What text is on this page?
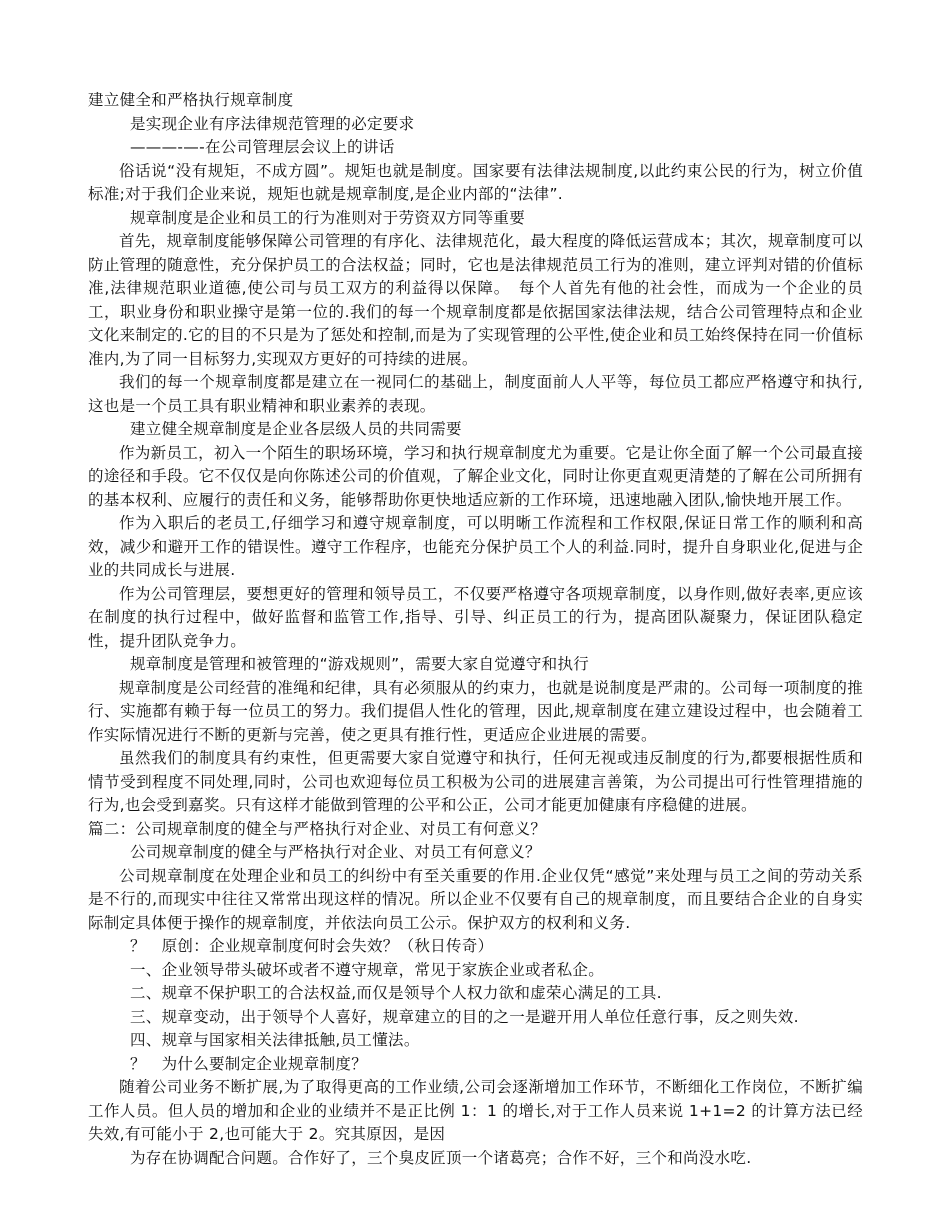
建立健全和严格执行规章制度
是实现企业有序法律规范管理的必定要求
———-—-在公司管理层会议上的讲话
俗话说“没有规矩，不成方圆”。规矩也就是制度。国家要有法律法规制度,以此约束公民的行为，树立价值标准;对于我们企业来说，规矩也就是规章制度,是企业内部的“法律”.
规章制度是企业和员工的行为准则对于劳资双方同等重要
首先，规章制度能够保障公司管理的有序化、法律规范化，最大程度的降低运营成本；其次，规章制度可以防止管理的随意性，充分保护员工的合法权益；同时，它也是法律规范员工行为的准则，建立评判对错的价值标准,法律规范职业道德,使公司与员工双方的利益得以保障。　每个人首先有他的社会性，而成为一个企业的员工，职业身份和职业操守是第一位的.我们的每一个规章制度都是依据国家法律法规，结合公司管理特点和企业文化来制定的.它的目的不只是为了惩处和控制,而是为了实现管理的公平性,使企业和员工始终保持在同一价值标准内,为了同一目标努力,实现双方更好的可持续的进展。
我们的每一个规章制度都是建立在一视同仁的基础上，制度面前人人平等，每位员工都应严格遵守和执行,这也是一个员工具有职业精神和职业素养的表现。
建立健全规章制度是企业各层级人员的共同需要
作为新员工，初入一个陌生的职场环境，学习和执行规章制度尤为重要。它是让你全面了解一个公司最直接的途径和手段。它不仅仅是向你陈述公司的价值观，了解企业文化，同时让你更直观更清楚的了解在公司所拥有的基本权利、应履行的责任和义务，能够帮助你更快地适应新的工作环境，迅速地融入团队,愉快地开展工作。
作为入职后的老员工,仔细学习和遵守规章制度，可以明晰工作流程和工作权限,保证日常工作的顺利和高效，减少和避开工作的错误性。遵守工作程序，也能充分保护员工个人的利益.同时，提升自身职业化,促进与企业的共同成长与进展.
作为公司管理层，要想更好的管理和领导员工，不仅要严格遵守各项规章制度，以身作则,做好表率,更应该在制度的执行过程中，做好监督和监管工作,指导、引导、纠正员工的行为，提高团队凝聚力，保证团队稳定性，提升团队竞争力。
规章制度是管理和被管理的“游戏规则”，需要大家自觉遵守和执行
规章制度是公司经营的准绳和纪律，具有必须服从的约束力，也就是说制度是严肃的。公司每一项制度的推行、实施都有赖于每一位员工的努力。我们提倡人性化的管理，因此,规章制度在建立建设过程中，也会随着工作实际情况进行不断的更新与完善，使之更具有推行性，更适应企业进展的需要。
虽然我们的制度具有约束性，但更需要大家自觉遵守和执行，任何无视或违反制度的行为,都要根据性质和情节受到程度不同处理,同时，公司也欢迎每位员工积极为公司的进展建言善策，为公司提出可行性管理措施的行为,也会受到嘉奖。只有这样才能做到管理的公平和公正，公司才能更加健康有序稳健的进展。
篇二：公司规章制度的健全与严格执行对企业、对员工有何意义？
公司规章制度的健全与严格执行对企业、对员工有何意义？
公司规章制度在处理企业和员工的纠纷中有至关重要的作用.企业仅凭“感觉”来处理与员工之间的劳动关系是不行的,而现实中往往又常常出现这样的情况。所以企业不仅要有自己的规章制度，而且要结合企业的自身实际制定具体便于操作的规章制度，并依法向员工公示。保护双方的权利和义务.
？　原创：企业规章制度何时会失效？（秋日传奇）
一、企业领导带头破坏或者不遵守规章，常见于家族企业或者私企。
二、规章不保护职工的合法权益,而仅是领导个人权力欲和虚荣心满足的工具.
三、规章变动，出于领导个人喜好，规章建立的目的之一是避开用人单位任意行事，反之则失效.
四、规章与国家相关法律抵触,员工懂法。
？　为什么要制定企业规章制度？
随着公司业务不断扩展,为了取得更高的工作业绩,公司会逐渐增加工作环节，不断细化工作岗位，不断扩编工作人员。但人员的增加和企业的业绩并不是正比例 1：1 的增长,对于工作人员来说 1+1=2 的计算方法已经失效,有可能小于 2,也可能大于 2。究其原因，是因
为存在协调配合问题。合作好了，三个臭皮匠顶一个诸葛亮；合作不好，三个和尚没水吃.
